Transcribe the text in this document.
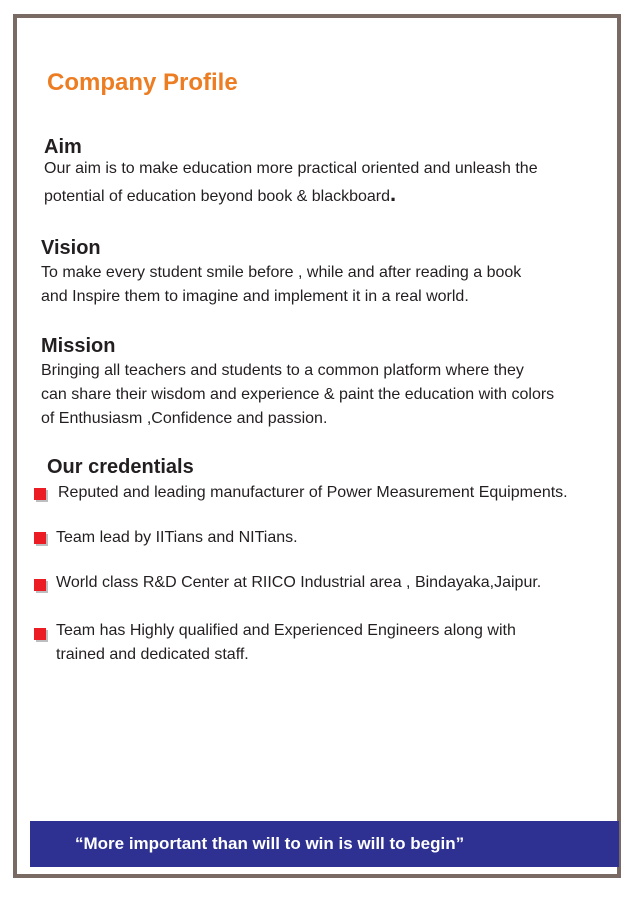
Company Profile
Aim

Our aim is to make education more practical oriented and unleash the
potential of education beyond book & blackboard.

Vision

To make every student smile before , while and after reading a book
and Inspire them to imagine and implement it in a real world.

Mission

Bringing all teachers and students to a common platform where they
can share their wisdom and experience & paint the education with colors
of Enthusiasm ,Confidence and passion.

Our credentials
Reputed and leading manufacturer of Power Measurement Equipments.
Team lead by IITians and NITians.
World class R&D Center at RIICO Industrial area , Bindayaka,Jaipur.
Team has Highly qualified and Experienced Engineers along with
trained and dedicated staff.
“More important than will to win is will to begin”
